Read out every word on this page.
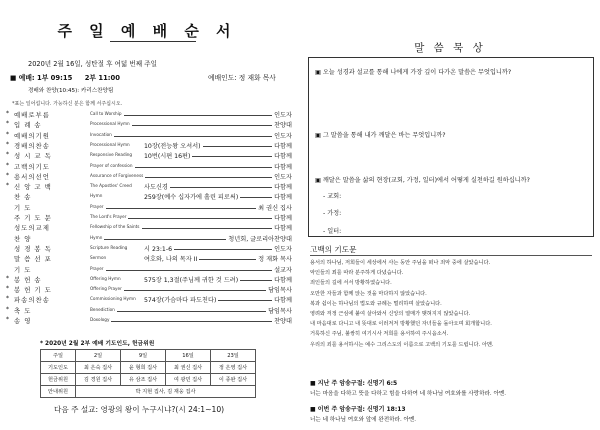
주 일 예 배 순 서
2020년 2월 16일, 성탄절 후 여덟 번째 주일
■ 예배: 1부 09:15 2부 11:00	예배인도: 정 재화 목사
경배와 찬양(10:45): 카리스찬양팀
*표는 일어섭니다. 가능하신 분은 함께 서주십시오.
* 예배로부름	Call to Worship	인도자
* 입 례 송	Processional Hymn	찬양대
* 예배의기원	Invocation	인도자
* 경배의찬송	Processional Hymn 10장(전능왕 오셔서)	다함께
* 성 시 교 독	Responsive Reading 10번(시편 16편)	다함께
* 고백의기도	Prayer of confession	다함께
* 용서의선언	Assurance of Forgiveness	인도자
* 신 앙 고 백	The Apostles' Creed 사도신경	다함께
찬 송	Hymn	259장(예수 십자가에 흘린 피로써)	다함께
기 도	Prayer	최 권신 집사
주 기 도 문	The Lord's Prayer	다함께
성도의교제	Fellowship of the Saints	다함께
찬 양	Hymn	청년회, 글로리아찬양대
성 경 봉 독	Scripture Reading	시 23:1-6	인도자
말 씀 선 포	Sermon	여호와, 나의 목자 II	정 재화 목사
기 도	Prayer	설교자
* 봉 헌 송	Offering Hymn	575장 1,3절(주님께 귀한 것 드려)	다함께
* 봉 헌 기 도	Offering Prayer	담임목사
* 파송의찬송	Commissioning Hymn 574장(가슴마다 파도친다)	다함께
* 축 도	Benediction	담임목사
* 송 영	Doxology	찬양대
* 2020년 2월 2부 예배 기도인도, 헌금위원
주일	2일	9일	16일	23일
기도인도	최 은숙 집사	윤 형희 집사	최 권신 집사	정 은영 집사
헌금위원	김 경원 집사	유 삼조 집사	여 광민 집사	이 종완 집사
안내위원	박 지현 집사, 김 재웅 집사			
다음 주 설교: 영광의 왕이 누구시냐?(시 24:1~10)
말 씀 묵 상
▣ 오늘 성경과 설교를 통해 나에게 가장 깊이 다가온 말씀은 무엇입니까?
▣ 그 말씀을 통해 내가 깨달은 바는 무엇입니까?
▣ 깨달은 말씀을 삶의 현장(교회, 가정, 일터)에서 어떻게 실천하길 원하십니까?
- 교회:
- 가정:
- 일터:
고백의 기도문
용서의 하나님, 저희들이 세상에서 사는 동안 주님을 떠나 죄악 중에 살았습니다.
악인들의 꾀를 따라 분주하게 다녔습니다.
죄인들의 길에 서서 방황하였습니다.
오만한 자들과 함께 앉는 것을 마다하지 않았습니다.
복과 쉼이는 하나님의 법도와 규례는 멀리하며 살았습니다.
영려와 걱정 근심에 붙여 살아와서 신앙의 열매가 맺혀지지 않았습니다.
내 마음대로 다니고 내 뜻대로 이러저저 방황했던 자녀들을 돌아오며 회개합니다.
거룩하신 주님, 불쌍히 여기시사 저희를 용서하여 주시옵소서.
우리의 죄를 용서하시는 예수 그리스도의 이름으로 고백의 기도를 드립니다. 아멘.
■ 지난 주 암송구절: 신명기 6:5
너는 마음을 다하고 뜻을 다하고 힘을 다하여 네 하나님 여호와를 사랑하라. 아멘.
■ 이번 주 암송구절: 신명기 18:13
너는 네 하나님 여호와 앞에 완전하라. 아멘.
